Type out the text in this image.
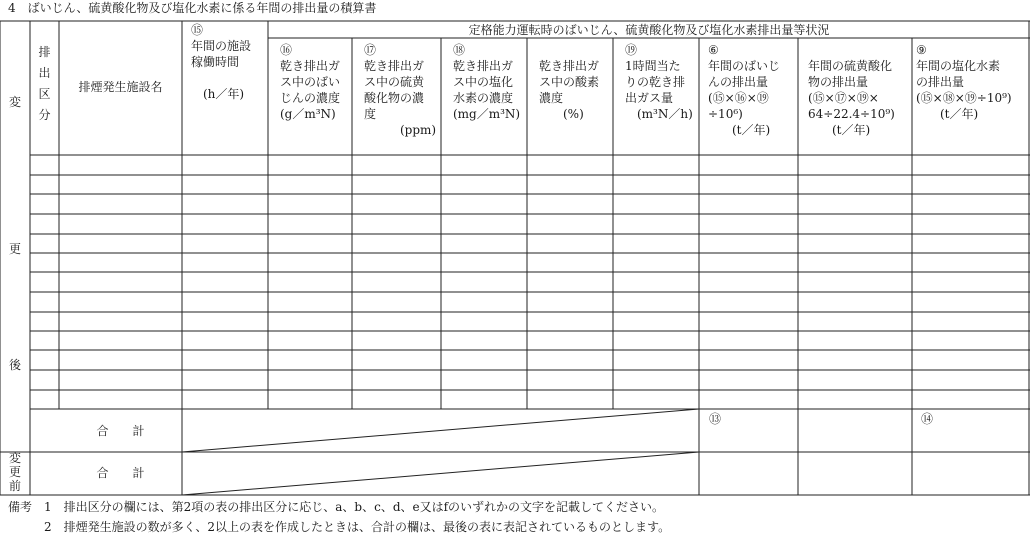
4　ばいじん、硫黄酸化物及び塩化水素に係る年間の排出量の積算書
変
更
後
変
更
前
排
出
区
分
排煙発生施設名
⑮
年間の施設
稼働時間

　(h／年)
定格能力運転時のばいじん、硫黄酸化物及び塩化水素排出量等状況
⑯
乾き排出ガ
ス中のばい
じんの濃度
(g／m³N)
⑰
乾き排出ガ
ス中の硫黄
酸化物の濃
度
　　　(ppm)
⑱
乾き排出ガ
ス中の塩化
水素の濃度
(mg／m³N)

乾き排出ガ
ス中の酸素
濃度
　　(%)
⑲
1時間当た
りの乾き排
出ガス量
　(m³N／h)
⑥
年間のばいじ
んの排出量
(⑮×⑯×⑲
÷10⁶)
　　(t／年)

年間の硫黄酸化
物の排出量
(⑮×⑰×⑲×
64÷22.4÷10⁹)
　　(t／年)
⑨
年間の塩化水素
の排出量
(⑮×⑱×⑲÷10⁹)
　　(t／年)
合　　計
合　　計
⑬	⑭
備考　1　排出区分の欄には、第2項の表の排出区分に応じ、a、b、c、d、e又はfのいずれかの文字を記載してください。
　　　2　排煙発生施設の数が多く、2以上の表を作成したときは、合計の欄は、最後の表に表記されているものとします。
